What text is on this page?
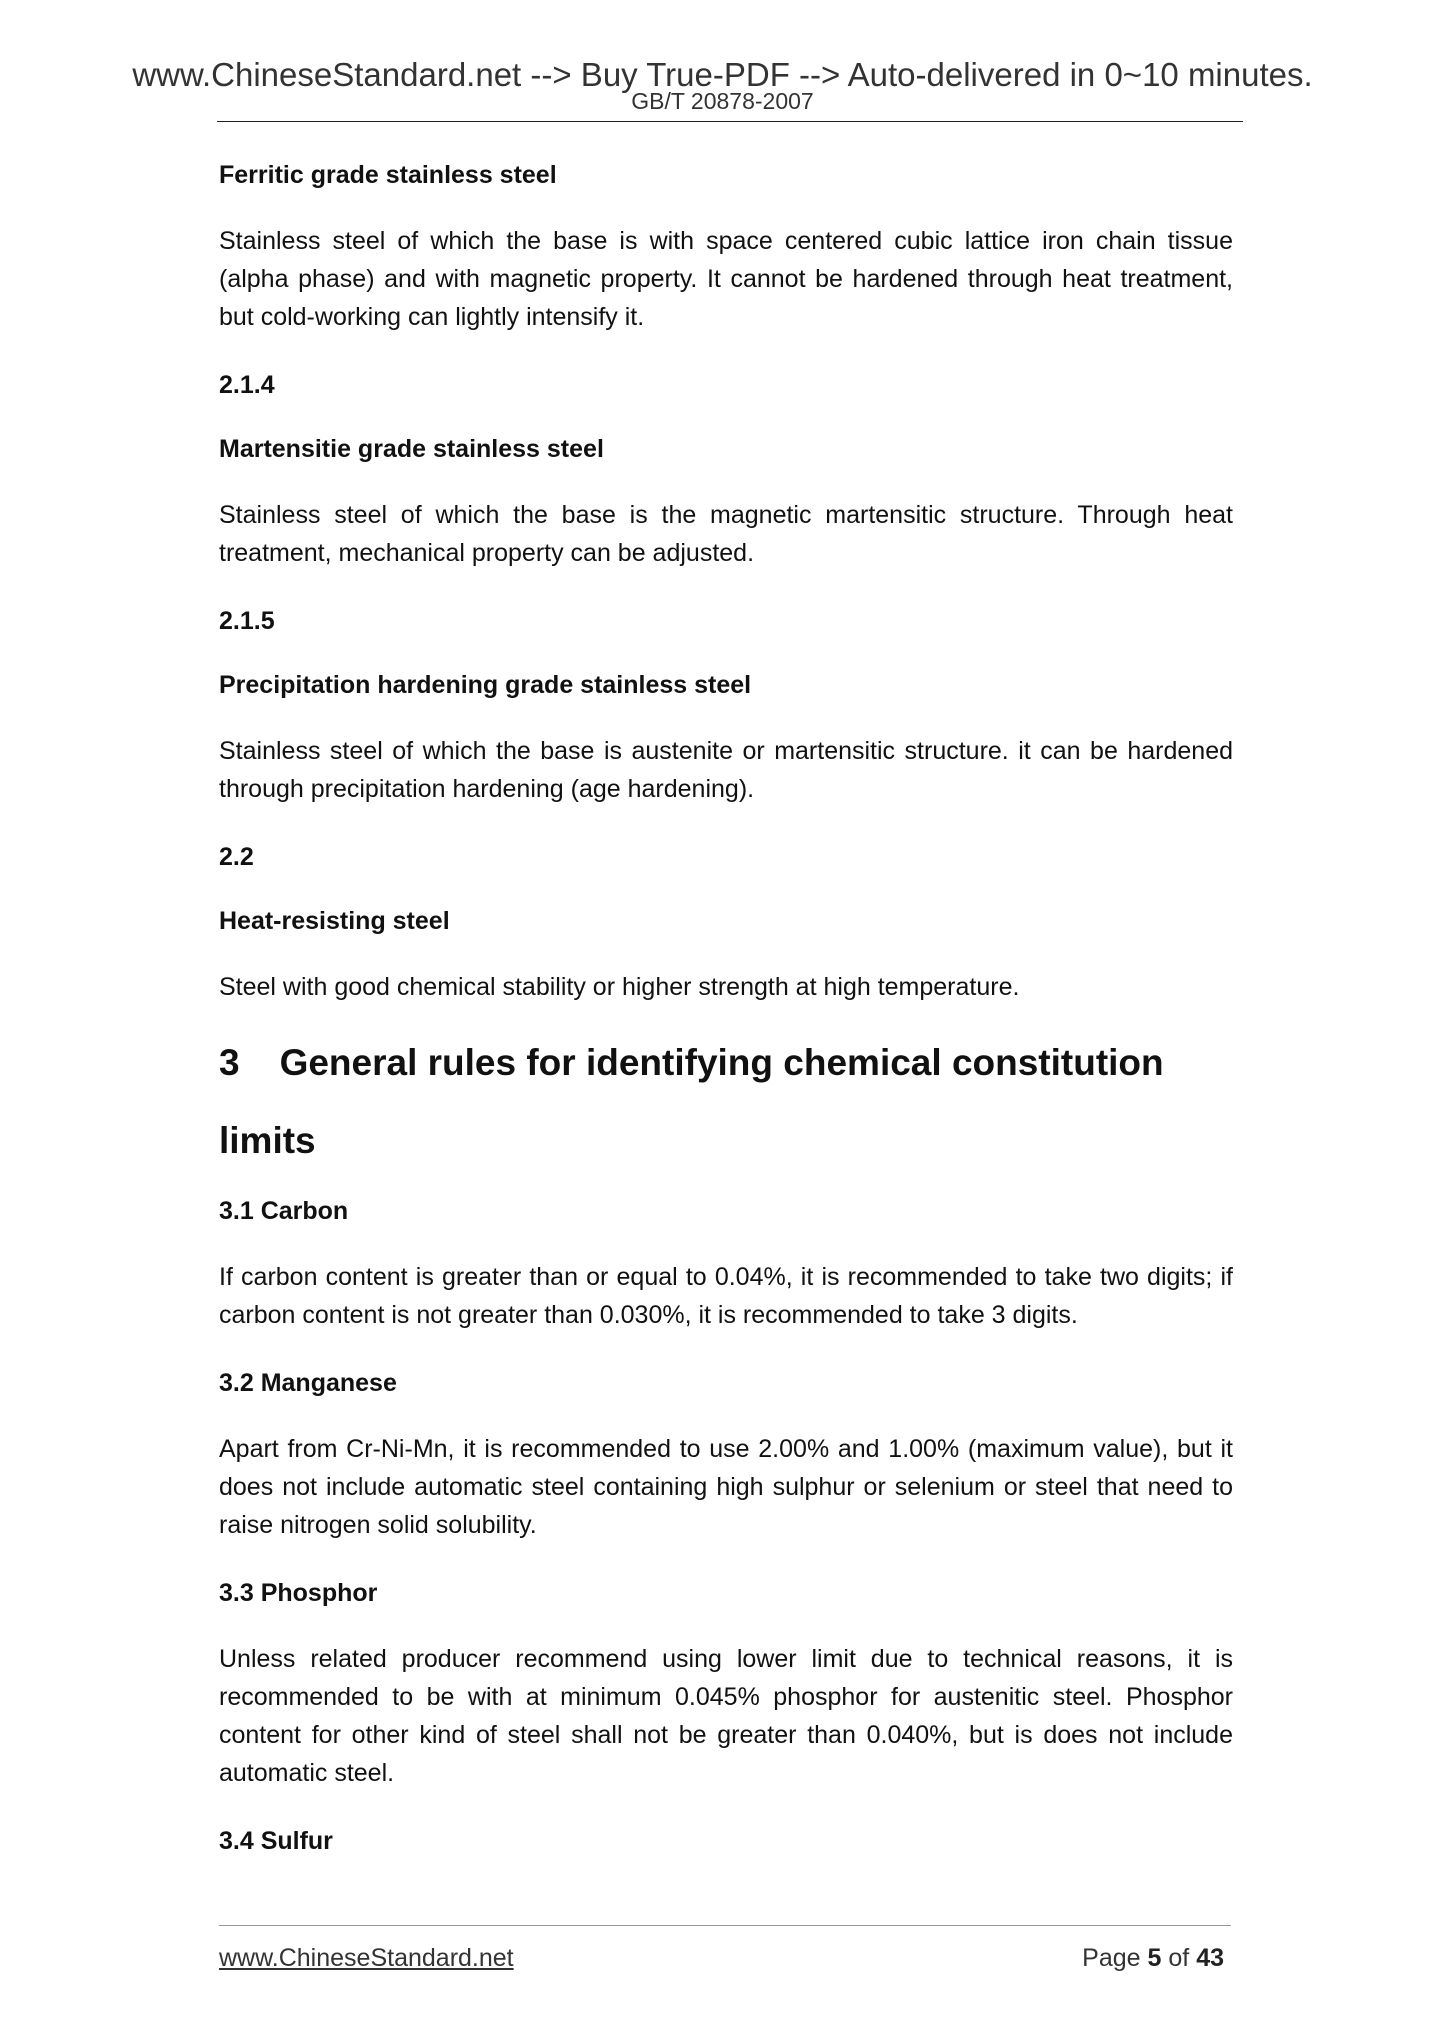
www.ChineseStandard.net --> Buy True-PDF --> Auto-delivered in 0~10 minutes.
GB/T 20878-2007

Ferritic grade stainless steel

Stainless steel of which the base is with space centered cubic lattice iron chain tissue (alpha phase) and with magnetic property. It cannot be hardened through heat treatment, but cold-working can lightly intensify it.

2.1.4

Martensitie grade stainless steel

Stainless steel of which the base is the magnetic martensitic structure. Through heat treatment, mechanical property can be adjusted.

2.1.5

Precipitation hardening grade stainless steel

Stainless steel of which the base is austenite or martensitic structure. it can be hardened through precipitation hardening (age hardening).

2.2

Heat-resisting steel

Steel with good chemical stability or higher strength at high temperature.

3 General rules for identifying chemical constitution limits

3.1 Carbon

If carbon content is greater than or equal to 0.04%, it is recommended to take two digits; if carbon content is not greater than 0.030%, it is recommended to take 3 digits.

3.2 Manganese

Apart from Cr-Ni-Mn, it is recommended to use 2.00% and 1.00% (maximum value), but it does not include automatic steel containing high sulphur or selenium or steel that need to raise nitrogen solid solubility.

3.3 Phosphor

Unless related producer recommend using lower limit due to technical reasons, it is recommended to be with at minimum 0.045% phosphor for austenitic steel. Phosphor content for other kind of steel shall not be greater than 0.040%, but is does not include automatic steel.

3.4 Sulfur

www.ChineseStandard.net	Page 5 of 43
